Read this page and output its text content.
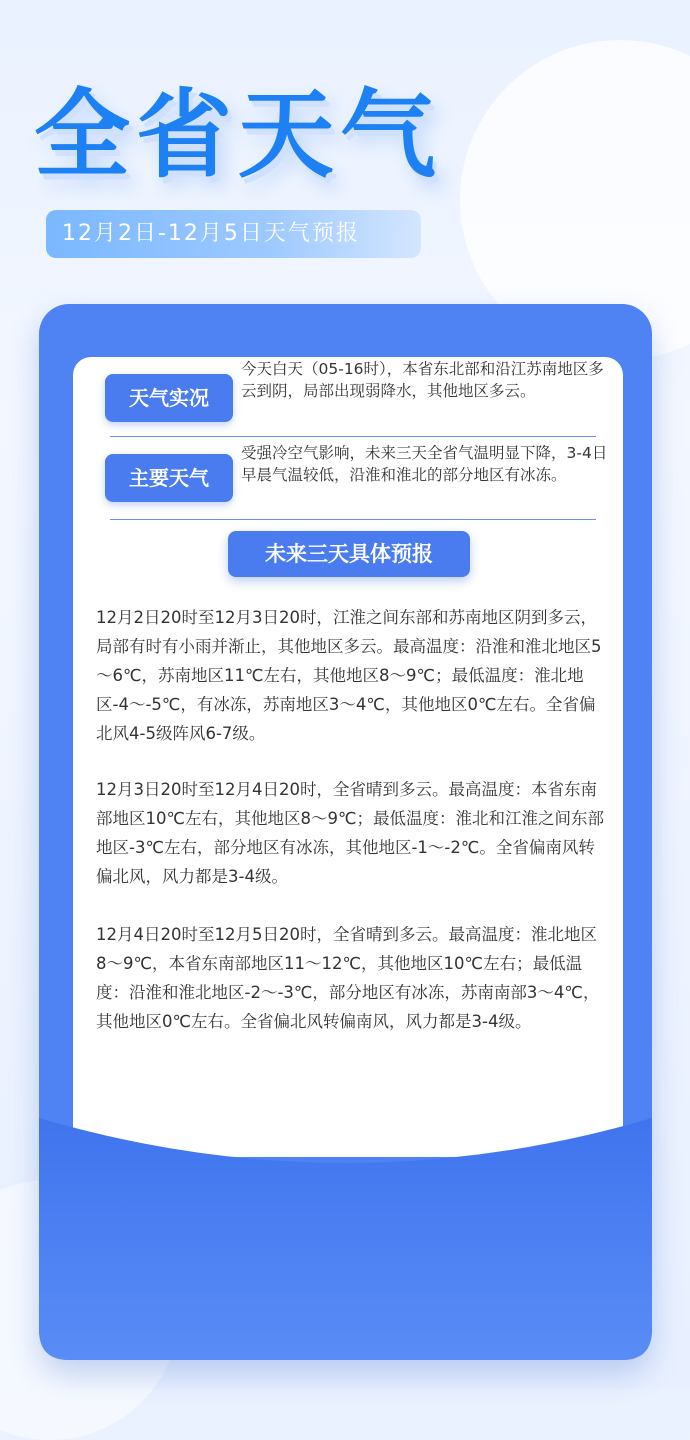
全省天气
12月2日-12月5日天气预报
天气实况
今天白天（05-16时），本省东北部和沿江苏南地区多云到阴，局部出现弱降水，其他地区多云。
主要天气
受强冷空气影响，未来三天全省气温明显下降，3-4日早晨气温较低，沿淮和淮北的部分地区有冰冻。
未来三天具体预报

12月2日20时至12月3日20时，江淮之间东部和苏南地区阴到多云，局部有时有小雨并渐止，其他地区多云。最高温度：沿淮和淮北地区5～6℃，苏南地区11℃左右，其他地区8～9℃；最低温度：淮北地区-4～-5℃，有冰冻，苏南地区3～4℃，其他地区0℃左右。全省偏北风4-5级阵风6-7级。

12月3日20时至12月4日20时，全省晴到多云。最高温度：本省东南部地区10℃左右，其他地区8～9℃；最低温度：淮北和江淮之间东部地区-3℃左右，部分地区有冰冻，其他地区-1～-2℃。全省偏南风转偏北风，风力都是3-4级。

12月4日20时至12月5日20时，全省晴到多云。最高温度：淮北地区8～9℃，本省东南部地区11～12℃，其他地区10℃左右；最低温度：沿淮和淮北地区-2～-3℃，部分地区有冰冻，苏南南部3～4℃，其他地区0℃左右。全省偏北风转偏南风，风力都是3-4级。
